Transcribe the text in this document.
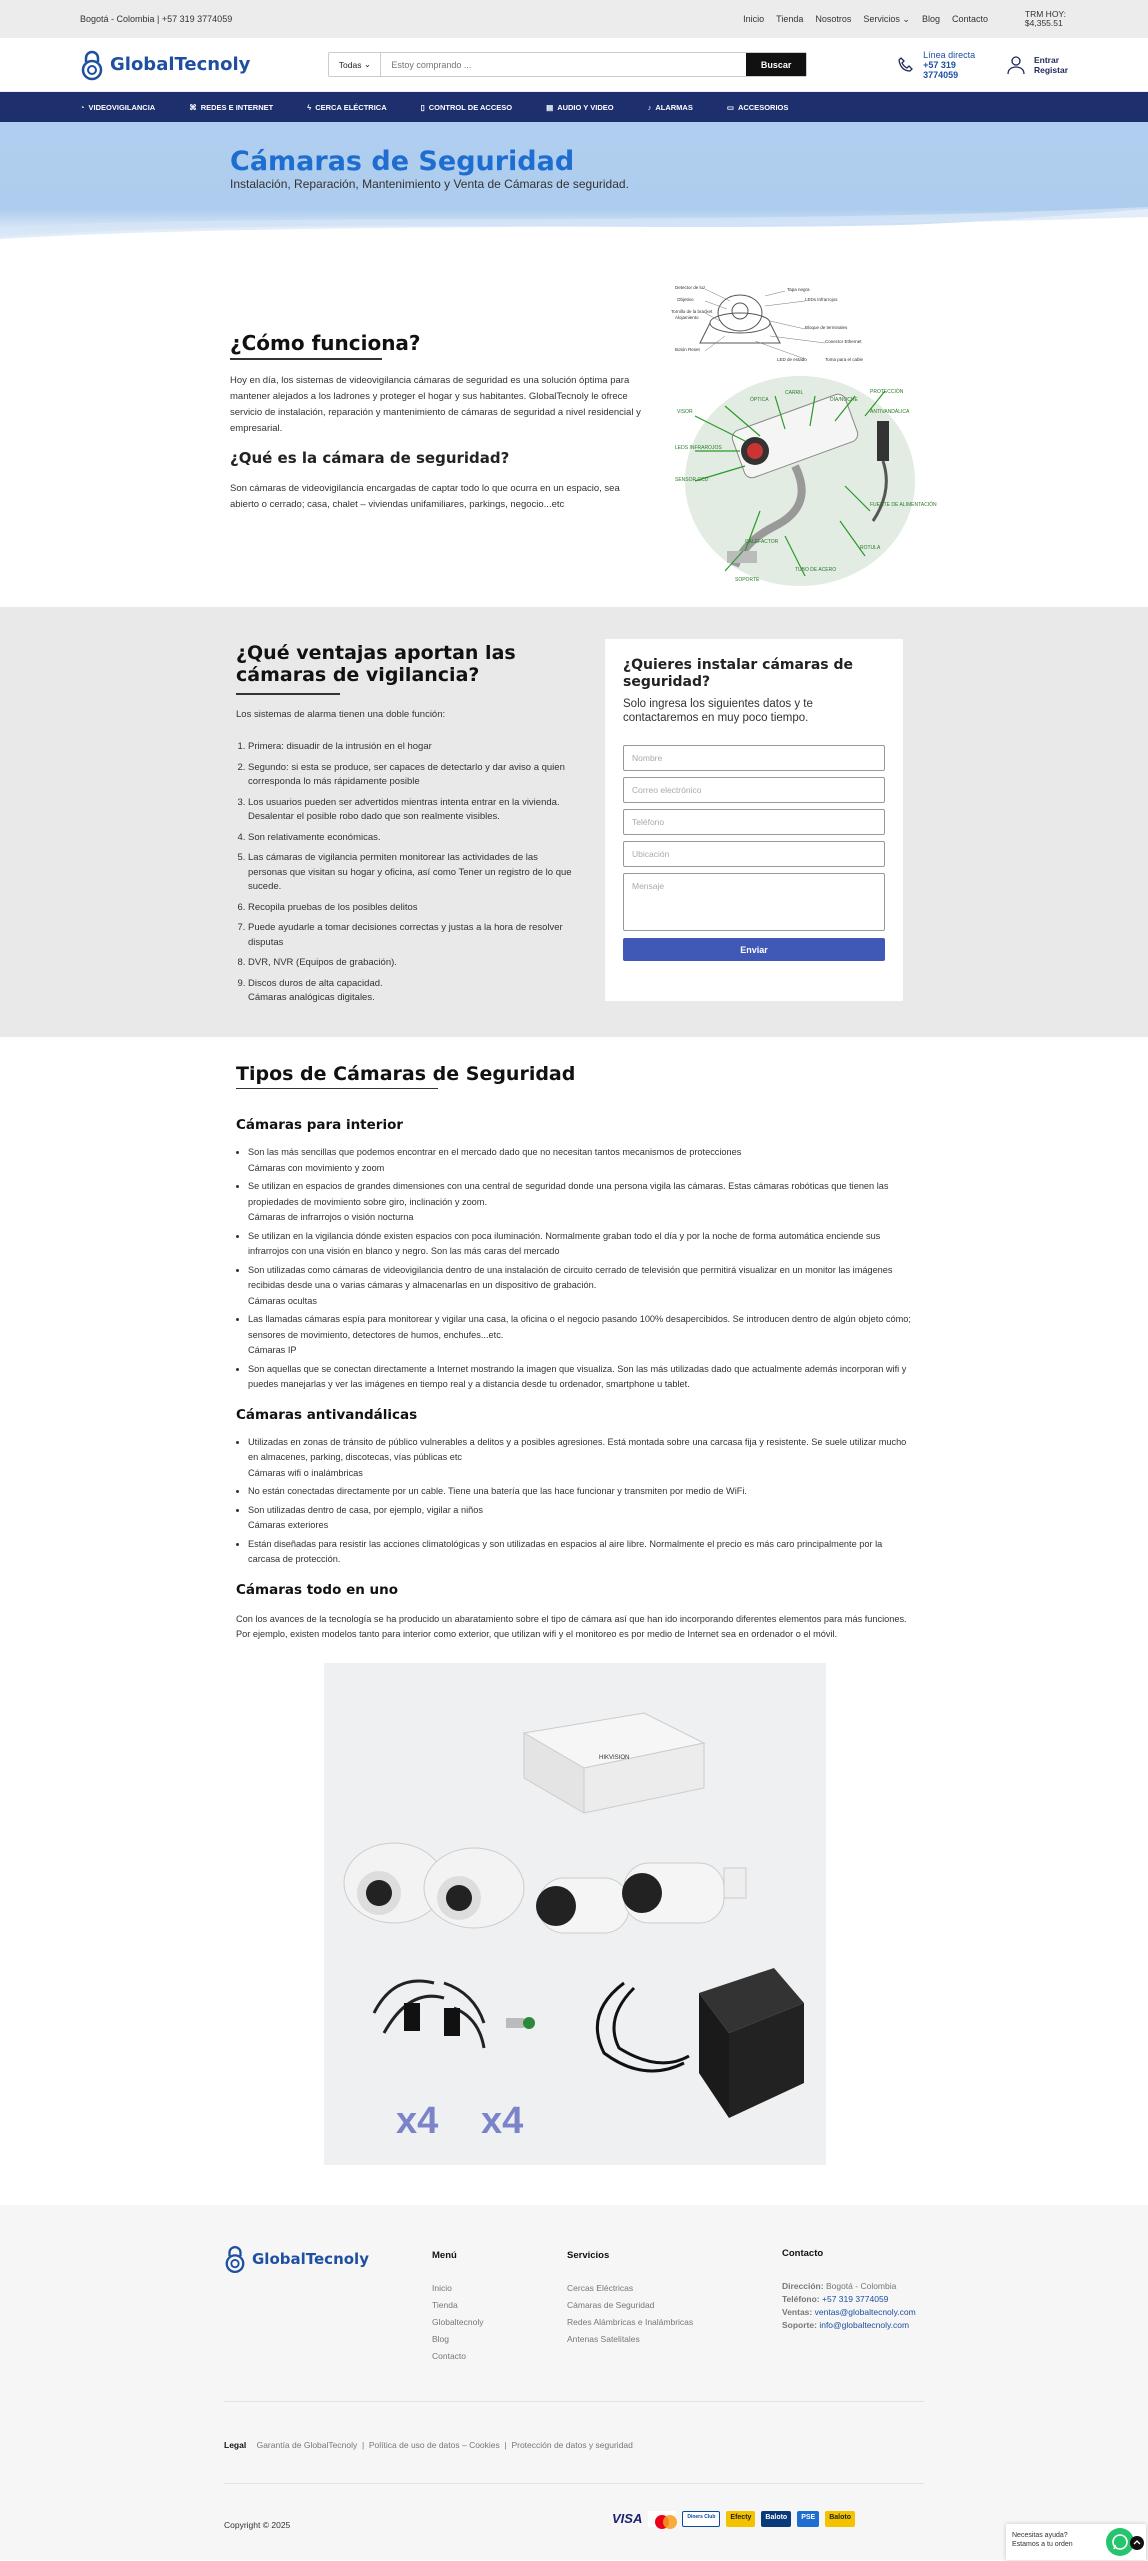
Bogotá - Colombia | +57 319 3774059	Inicio Tienda Nosotros Servicios ⌄ Blog Contacto	TRM HOY:
$4,355.51
GlobalTecnoly	Todas
⌄
Estoy comprando ...	Buscar
Línea directa
+57 319 3774059
Entrar
Registar
◔ VIDEOVIGILANCIA	⌘ REDES E INTERNET	ϟ CERCA ELÉCTRICA	▯ CONTROL DE ACCESO	▤ AUDIO Y VIDEO	♪ ALARMAS	▭ ACCESORIOS
Cámaras de Seguridad

Instalación, Reparación, Mantenimiento y Venta de Cámaras de seguridad.

¿Cómo funciona?

Hoy en día, los sistemas de videovigilancia cámaras de seguridad es una solución óptima para mantener alejados a los ladrones y proteger el hogar y sus habitantes. GlobalTecnoly le ofrece servicio de instalación, reparación y mantenimiento de cámaras de seguridad a nivel residencial y empresarial.

¿Qué es la cámara de seguridad?

Son cámaras de videovigilancia encargadas de captar todo lo que ocurra en un espacio, sea abierto o cerrado; casa, chalet – viviendas unifamiliares, parkings, negocio...etc

Detector de luz
Objetivo
Tornillo de la bracket
Alojamiento
Botón Reset
Tapa negra
LEDs Infrarrojos
Bloque de terminales
Conector Ethernet
LED de estado	Toma para el cable
LEDS INFRAROJOS
ÓPTICA
CARRIL
DÍA/NOCHE
ANTIVANDÁLICA
PROTECCIÓN
VISOR
SENSOR CCD
CALEFACTOR
SOPORTE
TUBO DE ACERO
ROTULA
FUENTE DE ALIMENTACIÓN
¿Qué ventajas aportan las cámaras de vigilancia?

Los sistemas de alarma tienen una doble función:

1. Primera: disuadir de la intrusión en el hogar
2. Segundo: si esta se produce, ser capaces de detectarlo y dar aviso a quien corresponda lo más rápidamente posible
3. Los usuarios pueden ser advertidos mientras intenta entrar en la vivienda. Desalentar el posible robo dado que son realmente visibles.
4. Son relativamente económicas.
5. Las cámaras de vigilancia permiten monitorear las actividades de las personas que visitan su hogar y oficina, así como Tener un registro de lo que sucede.
6. Recopila pruebas de los posibles delitos
7. Puede ayudarle a tomar decisiones correctas y justas a la hora de resolver disputas
8. DVR, NVR (Equipos de grabación).
9. Discos duros de alta capacidad.
Cámaras analógicas digitales.
¿Quieres instalar cámaras de seguridad?

Solo ingresa los siguientes datos y te contactaremos en muy poco tiempo.

Nombre
Correo electrónico
Teléfono
Ubicación
Mensaje
Enviar
Tipos de Cámaras de Seguridad
Cámaras para interior
• Son las más sencillas que podemos encontrar en el mercado dado que no necesitan tantos mecanismos de protecciones
Cámaras con movimiento y zoom
• Se utilizan en espacios de grandes dimensiones con una central de seguridad donde una persona vigila las cámaras. Estas cámaras robóticas que tienen las propiedades de movimiento sobre giro, inclinación y zoom.
Cámaras de infrarrojos o visión nocturna
• Se utilizan en la vigilancia dónde existen espacios con poca iluminación. Normalmente graban todo el día y por la noche de forma automática enciende sus infrarrojos con una visión en blanco y negro. Son las más caras del mercado
• Son utilizadas como cámaras de videovigilancia dentro de una instalación de circuito cerrado de televisión que permitirá visualizar en un monitor las imágenes recibidas desde una o varias cámaras y almacenarlas en un dispositivo de grabación.
Cámaras ocultas
• Las llamadas cámaras espía para monitorear y vigilar una casa, la oficina o el negocio pasando 100% desapercibidos. Se introducen dentro de algún objeto cómo; sensores de movimiento, detectores de humos, enchufes...etc.
Cámaras IP
• Son aquellas que se conectan directamente a Internet mostrando la imagen que visualiza. Son las más utilizadas dado que actualmente además incorporan wifi y puedes manejarlas y ver las imágenes en tiempo real y a distancia desde tu ordenador, smartphone u tablet.
Cámaras antivandálicas
• Utilizadas en zonas de tránsito de público vulnerables a delitos y a posibles agresiones. Está montada sobre una carcasa fija y resistente. Se suele utilizar mucho en almacenes, parking, discotecas, vías públicas etc
Cámaras wifi o inalámbricas
• No están conectadas directamente por un cable. Tiene una batería que las hace funcionar y transmiten por medio de WiFi.
• Son utilizadas dentro de casa, por ejemplo, vigilar a niños
Cámaras exteriores
• Están diseñadas para resistir las acciones climatológicas y son utilizadas en espacios al aire libre. Normalmente el precio es más caro principalmente por la carcasa de protección.
Cámaras todo en uno

Con los avances de la tecnología se ha producido un abaratamiento sobre el tipo de cámara así que han ido incorporando diferentes elementos para más funciones.
Por ejemplo, existen modelos tanto para interior como exterior, que utilizan wifi y el monitoreo es por medio de Internet sea en ordenador o el móvil.

HIKVISION
x4 x4
GlobalTecnoly	Menú
Inicio
Tienda
Globaltecnoly
Blog
Contacto
Servicios
Cercas Eléctricas
Cámaras de Seguridad
Redes Alámbricas e Inalámbricas
Antenas Satelitales
Contacto
Dirección: Bogotá - Colombia
Teléfono: +57 319 3774059
Ventas: ventas@globaltecnoly.com
Soporte: info@globaltecnoly.com
Legal Garantía de GlobalTecnoly  |  Política de uso de datos – Cookies  |  Protección de datos y seguridad
Copyright © 2025	VISA	Diners Club	Efecty	Baloto	PSE	Baloto
Necesitas ayuda?
Estamos a tu orden
